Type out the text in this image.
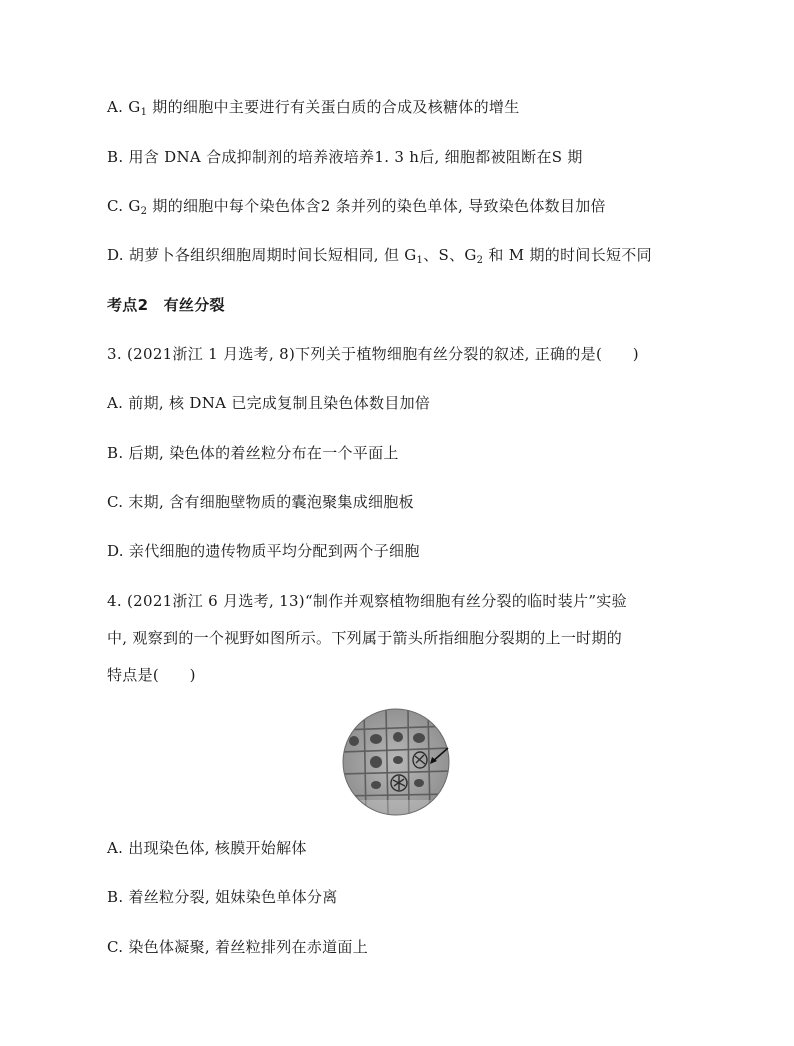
A. $G_1$ 期的细胞中主要进行有关蛋白质的合成及核糖体的增生
B. 用含 DNA 合成抑制剂的培养液培养1. 3 h后, 细胞都被阻断在S 期
C. $G_2$ 期的细胞中每个染色体含2 条并列的染色单体, 导致染色体数目加倍
D. 胡萝卜各组织细胞周期时间长短相同, 但 $G_1$、S、$G_2$ 和 M 期的时间长短不同
考点2　有丝分裂
3. (2021浙江 1 月选考, 8)下列关于植物细胞有丝分裂的叙述, 正确的是(　　)
A. 前期, 核 DNA 已完成复制且染色体数目加倍
B. 后期, 染色体的着丝粒分布在一个平面上
C. 末期, 含有细胞壁物质的囊泡聚集成细胞板
D. 亲代细胞的遗传物质平均分配到两个子细胞
4. (2021浙江 6 月选考, 13)“制作并观察植物细胞有丝分裂的临时装片”实验
中, 观察到的一个视野如图所示。下列属于箭头所指细胞分裂期的上一时期的
特点是(　　)
A. 出现染色体, 核膜开始解体
B. 着丝粒分裂, 姐妹染色单体分离
C. 染色体凝聚, 着丝粒排列在赤道面上
